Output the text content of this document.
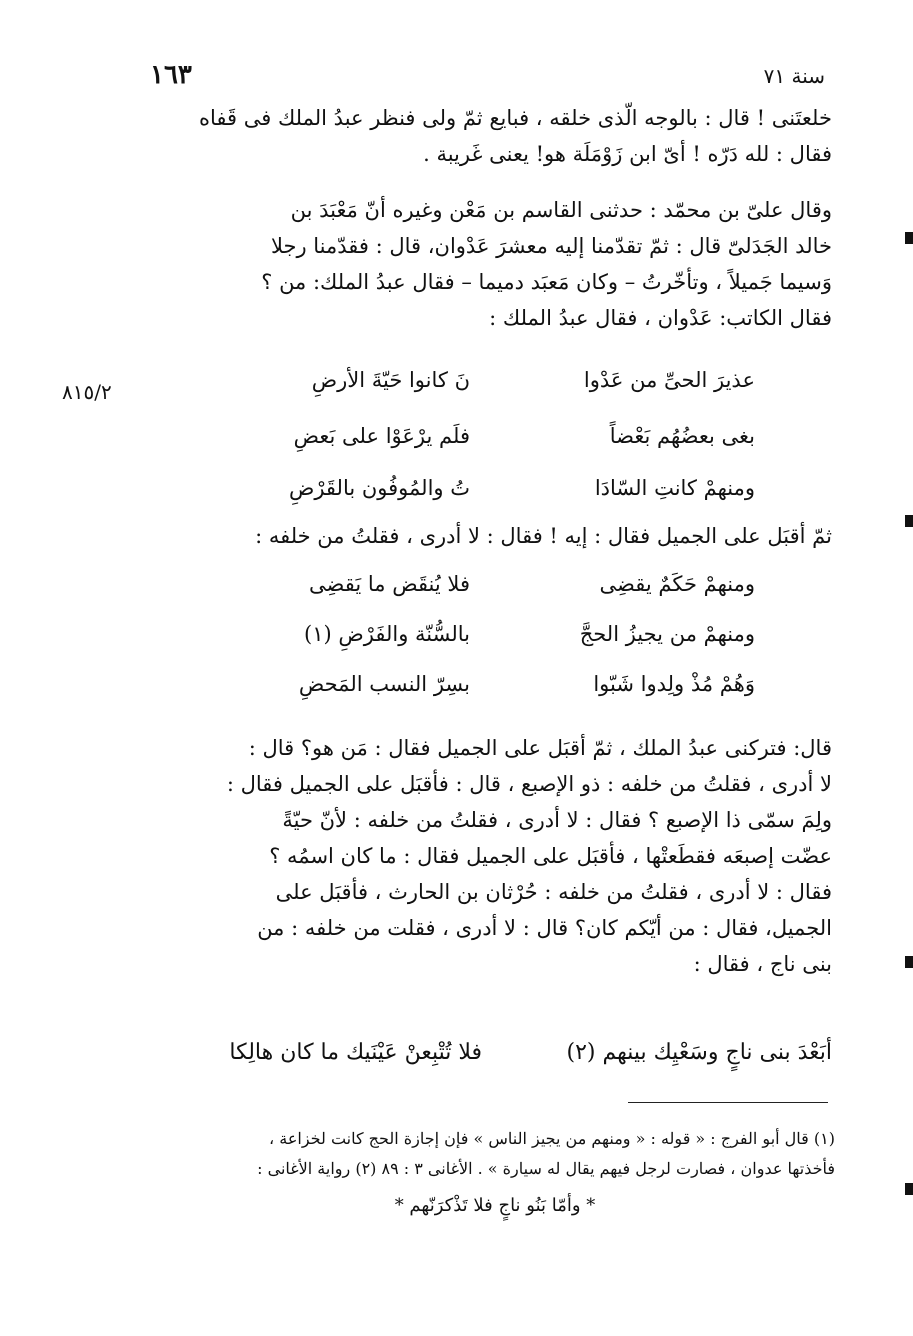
١٦٣	سنة ٧١
٨١٥/٢
خلعتَنى ! قال : بالوجه الّذى خلقه ، فبايع ثمّ ولى فنظر عبدُ الملك فى قَفاه
فقال : لله دَرّه ! أىّ ابن زَوْمَلَة هو! يعنى غَريبة .
وقال علىّ بن محمّد : حدثنى القاسم بن مَعْن وغيره أنّ مَعْبَدَ بن
خالد الجَدَلىّ قال : ثمّ تقدّمنا إليه معشرَ عَدْوان، قال : فقدّمنا رجلا
وَسيما جَميلاً ، وتأخّرتُ – وكان مَعبَد دميما – فقال عبدُ الملك: من ؟
فقال الكاتب: عَدْوان ، فقال عبدُ الملك :
عذيرَ الحىِّ من عَدْوا
نَ كانوا حَيّةَ الأرضِ
بغى بعضُهُم بَعْضاً
فلَم يرْعَوْا على بَعضِ
ومنهمْ كانتِ السّادَا
تُ والمُوفُون بالقَرْضِ
ثمّ أقبَل على الجميل فقال : إيه ! فقال : لا أدرى ، فقلتُ من خلفه :
ومنهمْ حَكَمٌ يقضِى
فلا يُنقَض ما يَقضِى
ومنهمْ من يجيزُ الحجَّ
بالسُّنّة والفَرْضِ (١)
وَهُمْ مُذْ ولِدوا شَبّوا
بسِرّ النسب المَحضِ
قال: فتركنى عبدُ الملك ، ثمّ أقبَل على الجميل فقال : مَن هو؟ قال :
لا أدرى ، فقلتُ من خلفه : ذو الإصبع ، قال : فأقبَل على الجميل فقال :
ولِمَ سمّى ذا الإصبع ؟ فقال : لا أدرى ، فقلتُ من خلفه : لأنّ حيّةً
عضّت إصبعَه فقطَعتْها ، فأقبَل على الجميل فقال : ما كان اسمُه ؟
فقال : لا أدرى ، فقلتُ من خلفه : حُرْثان بن الحارث ، فأقبَل على
الجميل، فقال : من أيّكم كان؟ قال : لا أدرى ، فقلت من خلفه : من
بنى ناج ، فقال :
أبَعْدَ بنى ناجٍ وسَعْيِك بينهم (٢)
فلا تُتْبِعنْ عَيْنَيك ما كان هالِكا
(١) قال أبو الفرج : « قوله : « ومنهم من يجيز الناس » فإن إجازة الحج كانت لخزاعة ،
فأخذتها عدوان ، فصارت لرجل فيهم يقال له سيارة » . الأغانى ٣ : ٨٩ (٢) رواية الأغانى :
* وأمّا بَنُو ناجٍ فلا تَذْكرَنّهم *
